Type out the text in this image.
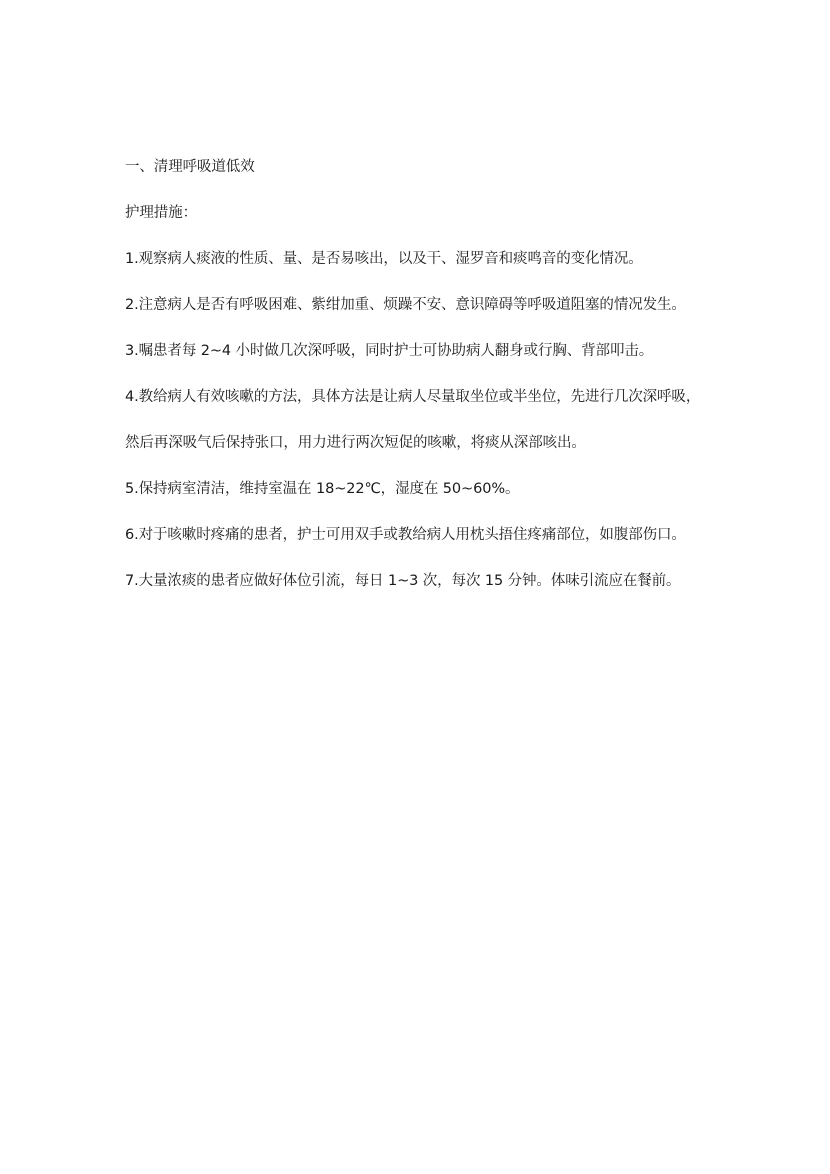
一、清理呼吸道低效

护理措施：

1.观察病人痰液的性质、量、是否易咳出，以及干、湿罗音和痰鸣音的变化情况。

2.注意病人是否有呼吸困难、紫绀加重、烦躁不安、意识障碍等呼吸道阻塞的情况发生。

3.嘱患者每 2~4 小时做几次深呼吸，同时护士可协助病人翻身或行胸、背部叩击。

4.教给病人有效咳嗽的方法，具体方法是让病人尽量取坐位或半坐位，先进行几次深呼吸，

然后再深吸气后保持张口，用力进行两次短促的咳嗽，将痰从深部咳出。

5.保持病室清洁，维持室温在 18~22℃，湿度在 50~60%。

6.对于咳嗽时疼痛的患者，护士可用双手或教给病人用枕头捂住疼痛部位，如腹部伤口。

7.大量浓痰的患者应做好体位引流，每日 1~3 次，每次 15 分钟。体味引流应在餐前。
